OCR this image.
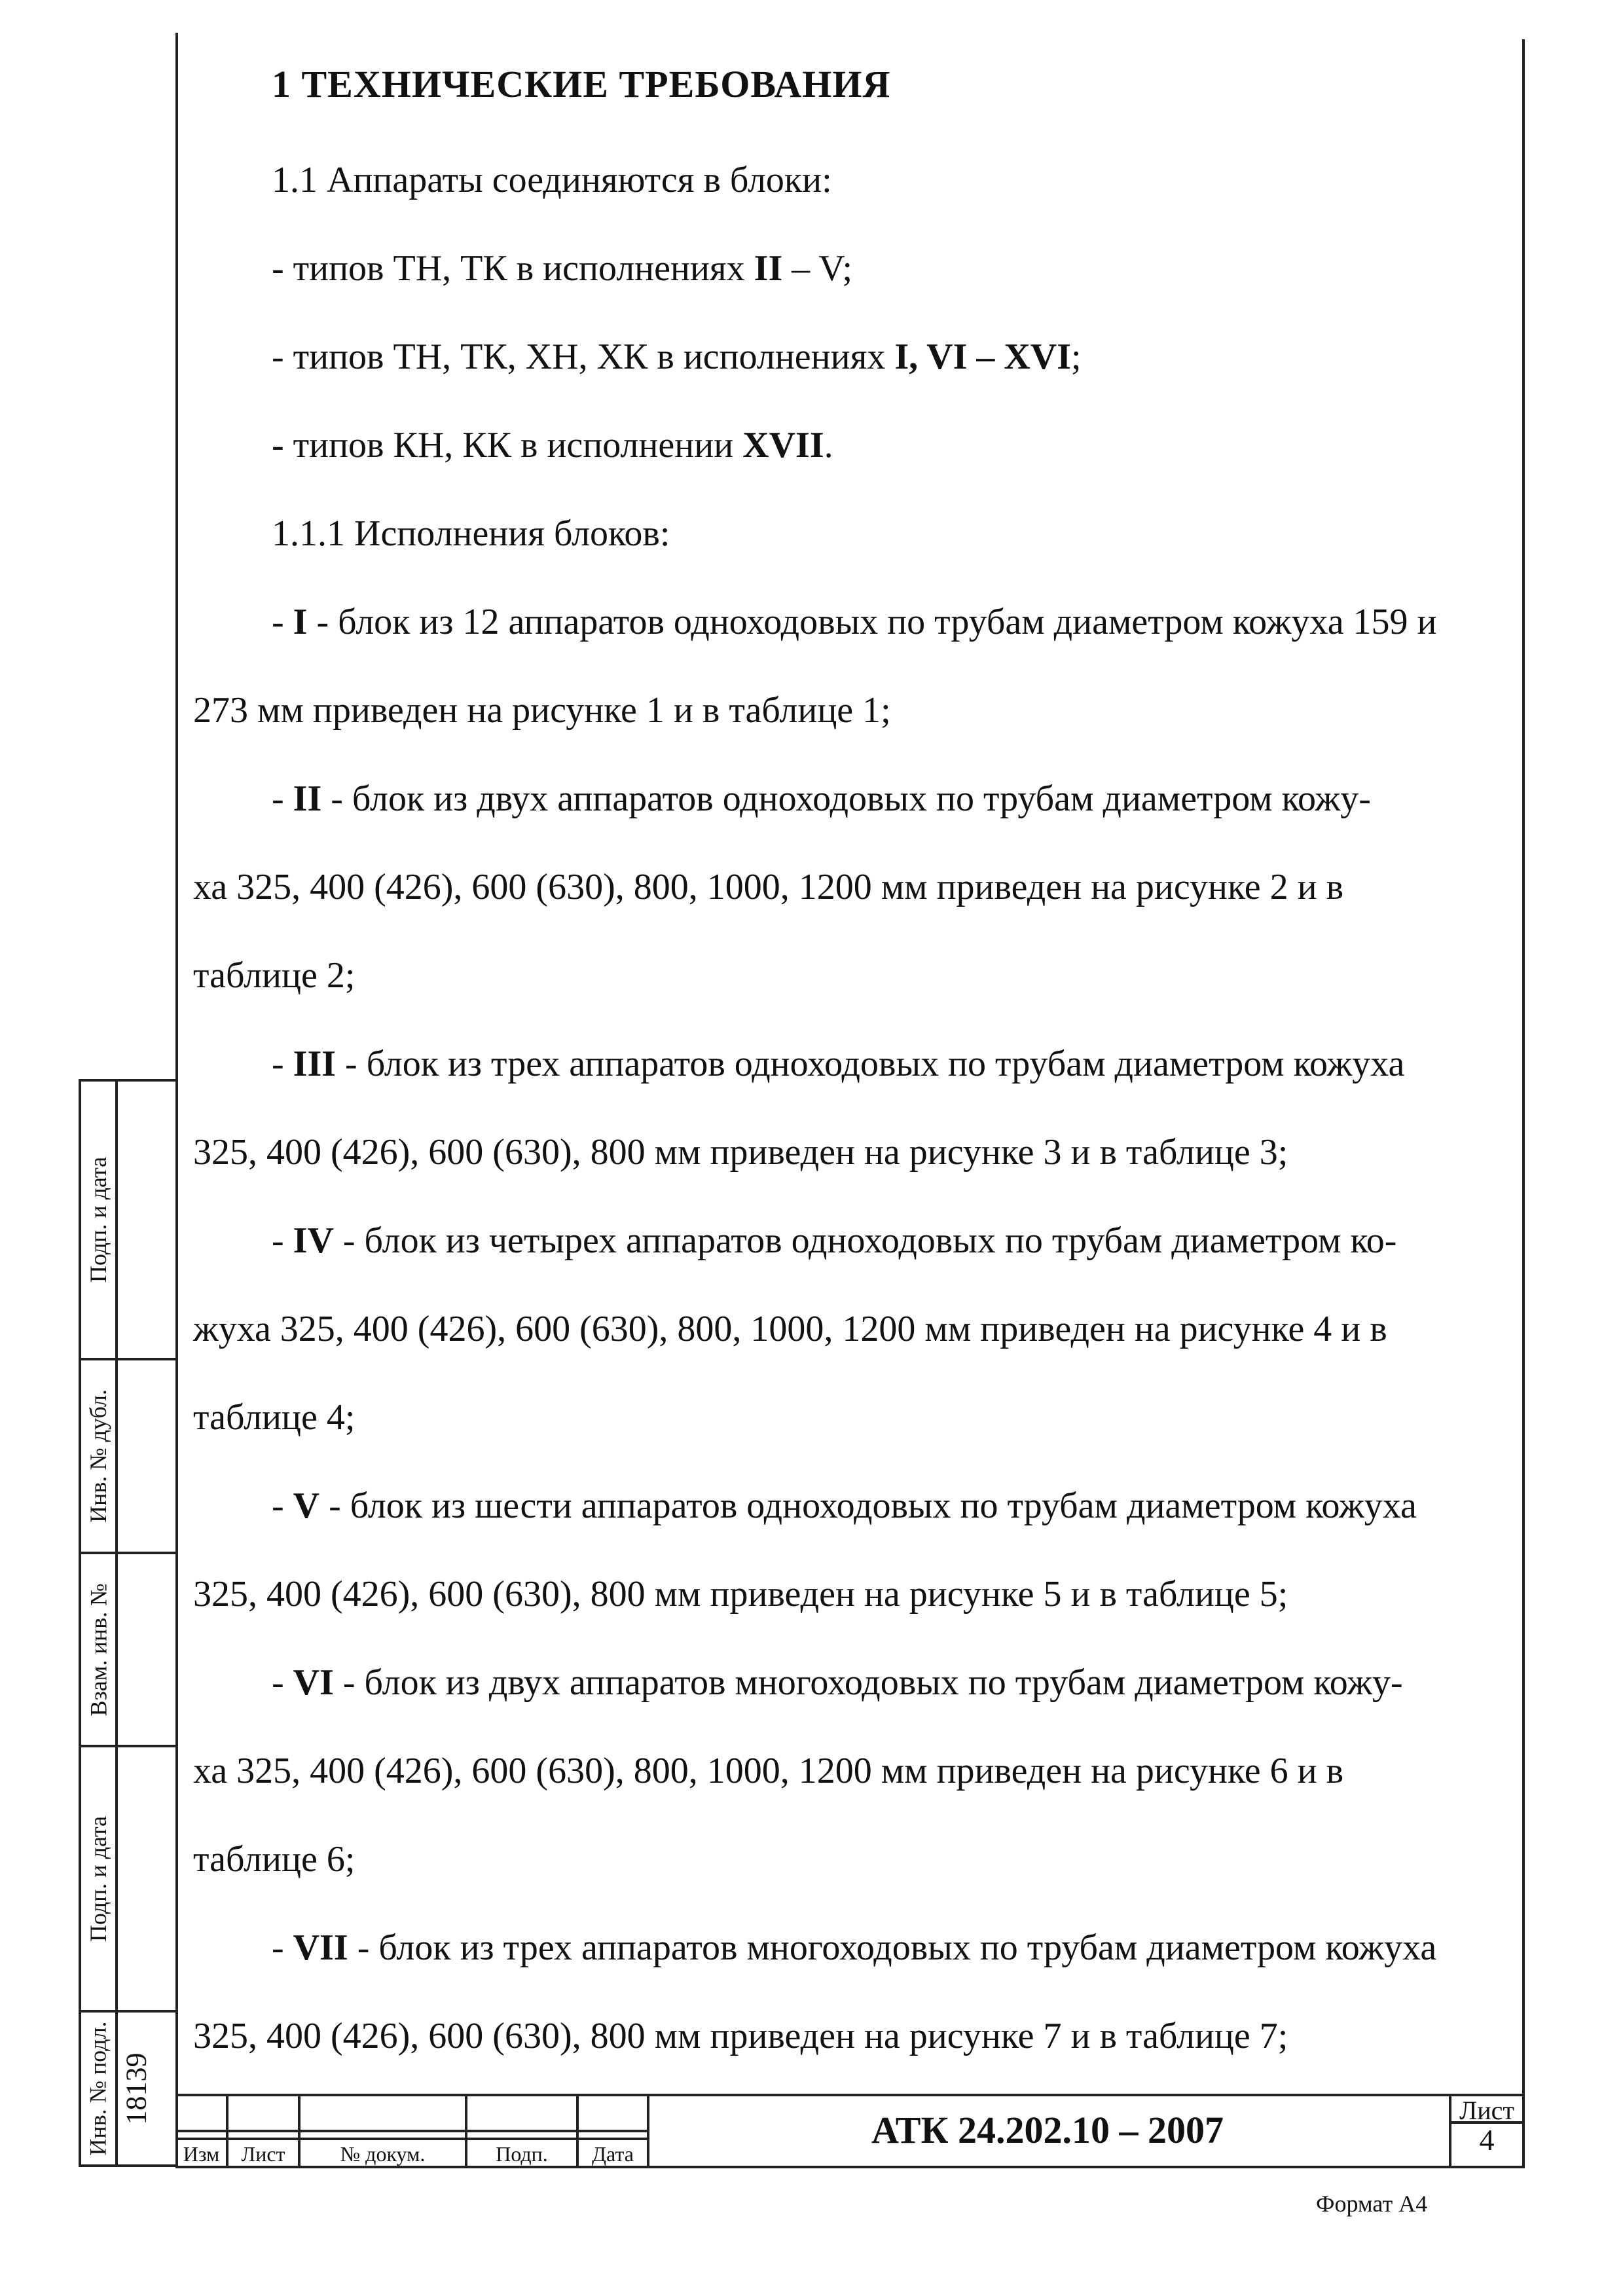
1 ТЕХНИЧЕСКИЕ ТРЕБОВАНИЯ
1.1 Аппараты соединяются в блоки:
- типов ТН, ТК в исполнениях II – V;
- типов ТН, ТК, ХН, ХК в исполнениях I, VI – XVI;
- типов КН, КК в исполнении XVII.
1.1.1 Исполнения блоков:
- I - блок из 12 аппаратов одноходовых по трубам диаметром кожуха 159 и
273 мм приведен на рисунке 1 и в таблице 1;
- II - блок из двух аппаратов одноходовых по трубам диаметром кожу-
ха 325, 400 (426), 600 (630), 800, 1000, 1200 мм приведен на рисунке 2 и в
таблице 2;
- III - блок из трех аппаратов одноходовых по трубам диаметром кожуха
325, 400 (426), 600 (630), 800 мм приведен на рисунке 3 и в таблице 3;
- IV - блок из четырех аппаратов одноходовых по трубам диаметром ко-
жуха 325, 400 (426), 600 (630), 800, 1000, 1200 мм приведен на рисунке 4 и в
таблице 4;
- V - блок из шести аппаратов одноходовых по трубам диаметром кожуха
325, 400 (426), 600 (630), 800 мм приведен на рисунке 5 и в таблице 5;
- VI - блок из двух аппаратов многоходовых по трубам диаметром кожу-
ха 325, 400 (426), 600 (630), 800, 1000, 1200 мм приведен на рисунке 6 и в
таблице 6;
- VII - блок из трех аппаратов многоходовых по трубам диаметром кожуха
325, 400 (426), 600 (630), 800 мм приведен на рисунке 7 и в таблице 7;
Подп. и дата
Инв. № дубл.
Взам. инв. №
Подп. и дата
Инв. № подл. 18139
Изм	Лист	№ докум.	Подп.	Дата
АТК 24.202.10 – 2007	Лист
4
Формат А4
